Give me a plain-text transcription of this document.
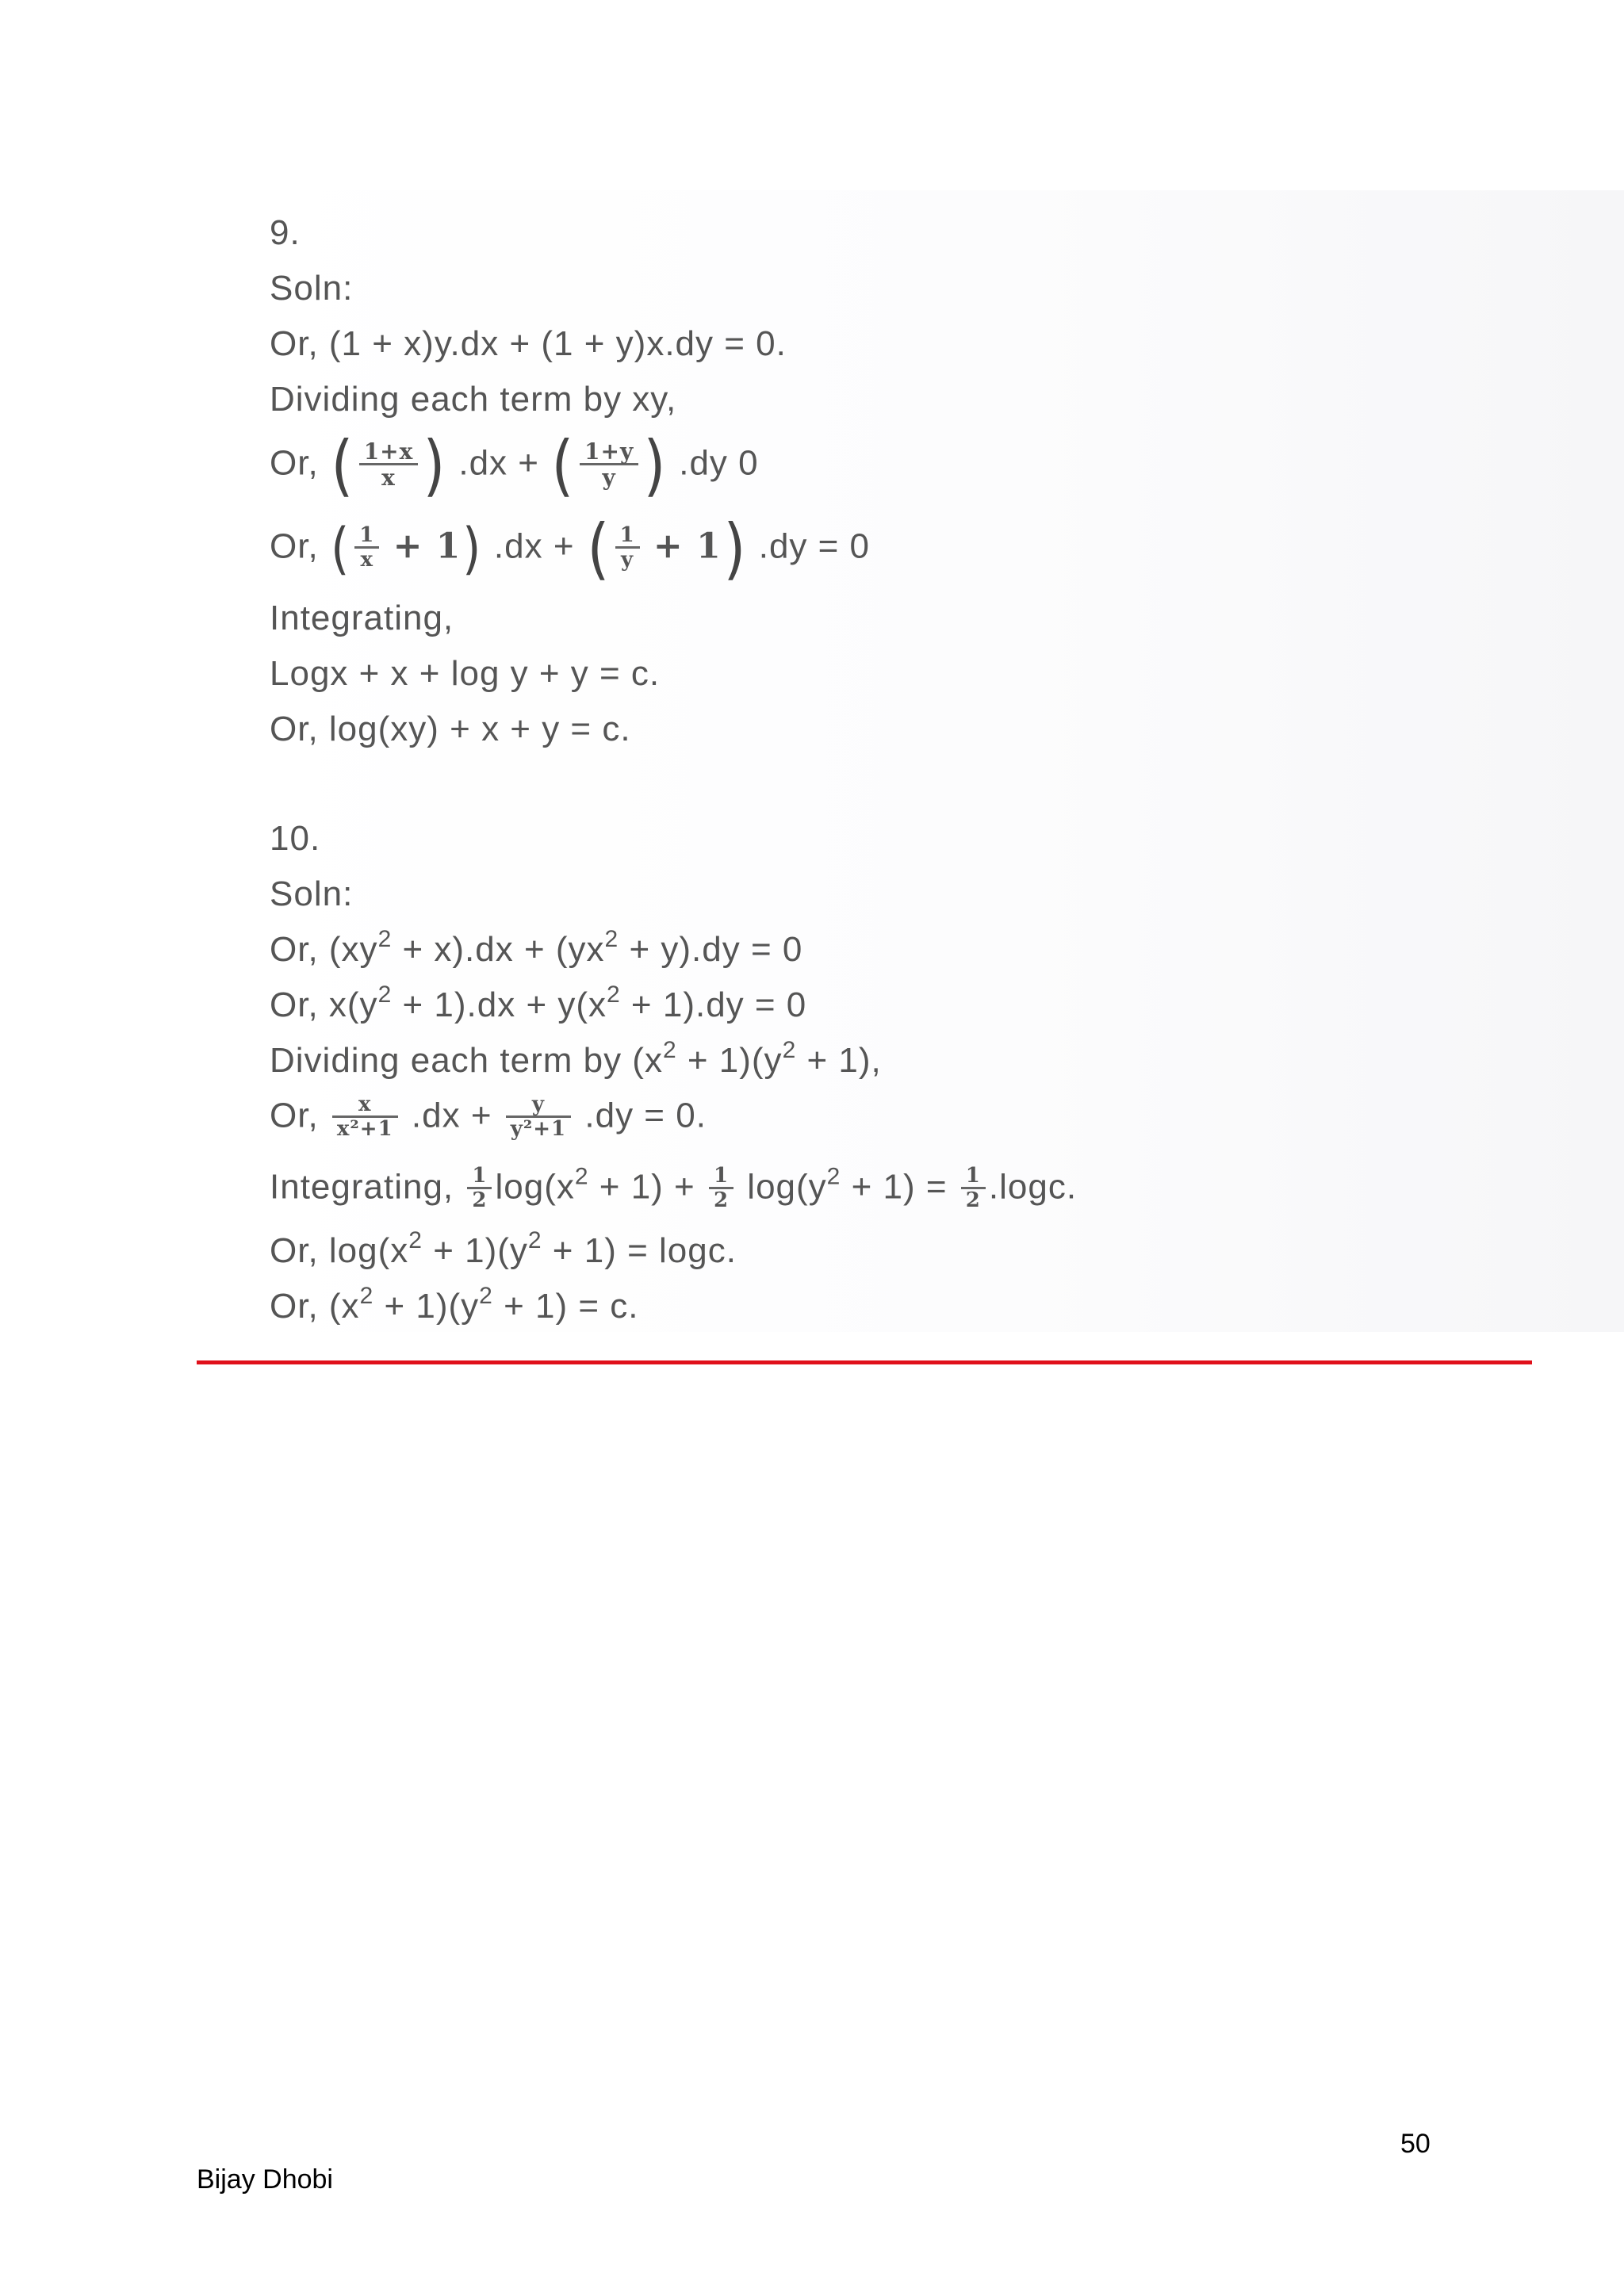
9.

Soln:

Or, (1 + x)y.dx + (1 + y)x.dy = 0.

Dividing each term by xy,

Or, ( $\frac{1+x}{x}$ ) .dx + ( $\frac{1+y}{y}$ ) .dy 0
Or, ( $\frac{1}{x} + 1$) .dx + ( $\frac{1}{y} + 1$) .dy = 0

Integrating,

Logx + x + log y + y = c.

Or, log(xy) + x + y = c.

10.

Soln:

Or, $(xy^2 + x).dx + (yx^2 + y).dy = 0$

Or, $x(y^2 + 1).dx + y(x^2 + 1).dy = 0$

Dividing each term by $(x^2 + 1)(y^2 + 1)$,

Or, $\frac{x}{\text{x²+1}} .dx + \frac{y}{\text{y²+1}} .dy = 0$.
Integrating, $\frac{1}{2} \log(x^2 + 1) + \frac{1}{2} \log(y^2 + 1) = \frac{1}{2} .\log c$.

Or, $\log(x^2 + 1)(y^2 + 1) = \log c$.

Or, $(x^2 + 1)(y^2 + 1) = c$.

50
Bijay Dhobi
